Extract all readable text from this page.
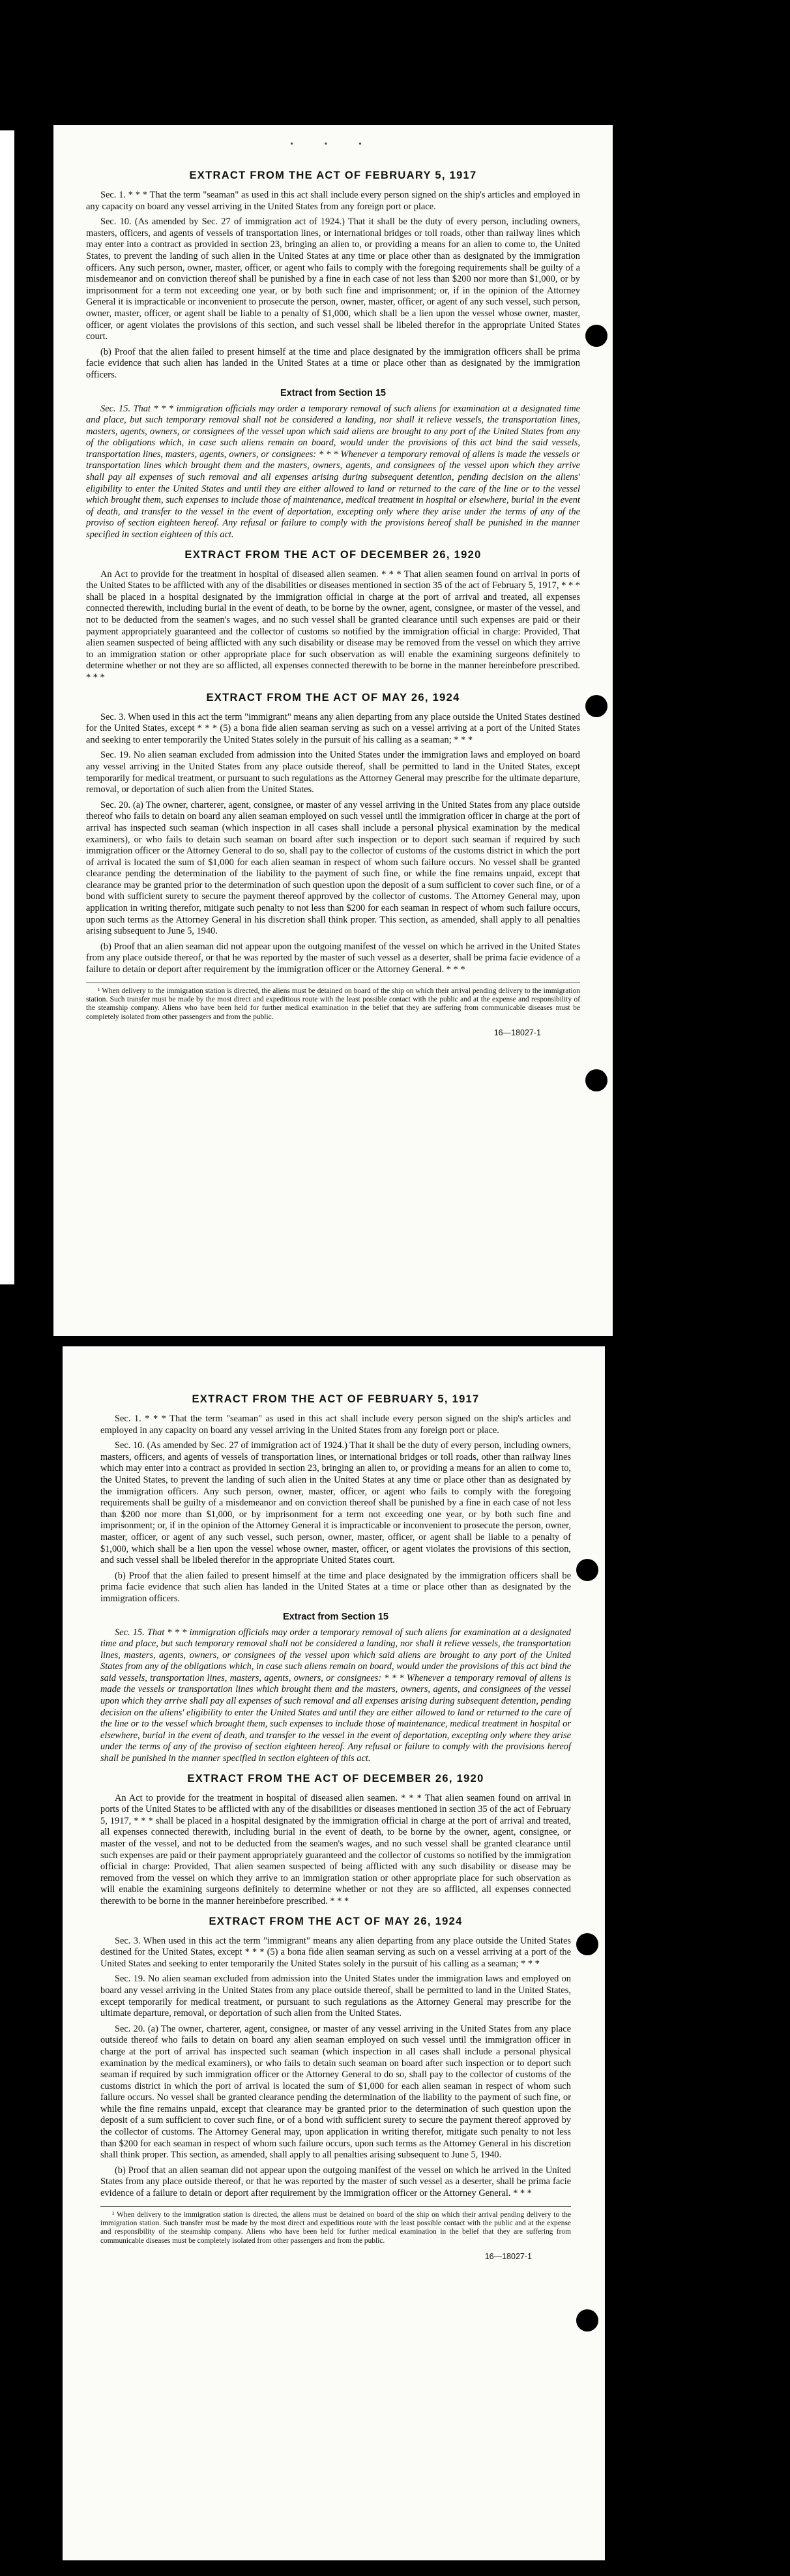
• • •
EXTRACT FROM THE ACT OF FEBRUARY 5, 1917

Sec. 1. * * * That the term "seaman" as used in this act shall include every person signed on the ship's articles and employed in any capacity on board any vessel arriving in the United States from any foreign port or place.

Sec. 10. (As amended by Sec. 27 of immigration act of 1924.) That it shall be the duty of every person, including owners, masters, officers, and agents of vessels of transportation lines, or international bridges or toll roads, other than railway lines which may enter into a contract as provided in section 23, bringing an alien to, or providing a means for an alien to come to, the United States, to prevent the landing of such alien in the United States at any time or place other than as designated by the immigration officers. Any such person, owner, master, officer, or agent who fails to comply with the foregoing requirements shall be guilty of a misdemeanor and on conviction thereof shall be punished by a fine in each case of not less than $200 nor more than $1,000, or by imprisonment for a term not exceeding one year, or by both such fine and imprisonment; or, if in the opinion of the Attorney General it is impracticable or inconvenient to prosecute the person, owner, master, officer, or agent of any such vessel, such person, owner, master, officer, or agent shall be liable to a penalty of $1,000, which shall be a lien upon the vessel whose owner, master, officer, or agent violates the provisions of this section, and such vessel shall be libeled therefor in the appropriate United States court.

(b) Proof that the alien failed to present himself at the time and place designated by the immigration officers shall be prima facie evidence that such alien has landed in the United States at a time or place other than as designated by the immigration officers.

Extract from Section 15

Sec. 15. That * * * immigration officials may order a temporary removal of such aliens for examination at a designated time and place, but such temporary removal shall not be considered a landing, nor shall it relieve vessels, the transportation lines, masters, agents, owners, or consignees of the vessel upon which said aliens are brought to any port of the United States from any of the obligations which, in case such aliens remain on board, would under the provisions of this act bind the said vessels, transportation lines, masters, agents, owners, or consignees: * * * Whenever a temporary removal of aliens is made the vessels or transportation lines which brought them and the masters, owners, agents, and consignees of the vessel upon which they arrive shall pay all expenses of such removal and all expenses arising during subsequent detention, pending decision on the aliens' eligibility to enter the United States and until they are either allowed to land or returned to the care of the line or to the vessel which brought them, such expenses to include those of maintenance, medical treatment in hospital or elsewhere, burial in the event of death, and transfer to the vessel in the event of deportation, excepting only where they arise under the terms of any of the proviso of section eighteen hereof. Any refusal or failure to comply with the provisions hereof shall be punished in the manner specified in section eighteen of this act.

EXTRACT FROM THE ACT OF DECEMBER 26, 1920

An Act to provide for the treatment in hospital of diseased alien seamen. * * * That alien seamen found on arrival in ports of the United States to be afflicted with any of the disabilities or diseases mentioned in section 35 of the act of February 5, 1917, * * * shall be placed in a hospital designated by the immigration official in charge at the port of arrival and treated, all expenses connected therewith, including burial in the event of death, to be borne by the owner, agent, consignee, or master of the vessel, and not to be deducted from the seamen's wages, and no such vessel shall be granted clearance until such expenses are paid or their payment appropriately guaranteed and the collector of customs so notified by the immigration official in charge: Provided, That alien seamen suspected of being afflicted with any such disability or disease may be removed from the vessel on which they arrive to an immigration station or other appropriate place for such observation as will enable the examining surgeons definitely to determine whether or not they are so afflicted, all expenses connected therewith to be borne in the manner hereinbefore prescribed. * * *

EXTRACT FROM THE ACT OF MAY 26, 1924

Sec. 3. When used in this act the term "immigrant" means any alien departing from any place outside the United States destined for the United States, except * * * (5) a bona fide alien seaman serving as such on a vessel arriving at a port of the United States and seeking to enter temporarily the United States solely in the pursuit of his calling as a seaman; * * *

Sec. 19. No alien seaman excluded from admission into the United States under the immigration laws and employed on board any vessel arriving in the United States from any place outside thereof, shall be permitted to land in the United States, except temporarily for medical treatment, or pursuant to such regulations as the Attorney General may prescribe for the ultimate departure, removal, or deportation of such alien from the United States.

Sec. 20. (a) The owner, charterer, agent, consignee, or master of any vessel arriving in the United States from any place outside thereof who fails to detain on board any alien seaman employed on such vessel until the immigration officer in charge at the port of arrival has inspected such seaman (which inspection in all cases shall include a personal physical examination by the medical examiners), or who fails to detain such seaman on board after such inspection or to deport such seaman if required by such immigration officer or the Attorney General to do so, shall pay to the collector of customs of the customs district in which the port of arrival is located the sum of $1,000 for each alien seaman in respect of whom such failure occurs. No vessel shall be granted clearance pending the determination of the liability to the payment of such fine, or while the fine remains unpaid, except that clearance may be granted prior to the determination of such question upon the deposit of a sum sufficient to cover such fine, or of a bond with sufficient surety to secure the payment thereof approved by the collector of customs. The Attorney General may, upon application in writing therefor, mitigate such penalty to not less than $200 for each seaman in respect of whom such failure occurs, upon such terms as the Attorney General in his discretion shall think proper. This section, as amended, shall apply to all penalties arising subsequent to June 5, 1940.

(b) Proof that an alien seaman did not appear upon the outgoing manifest of the vessel on which he arrived in the United States from any place outside thereof, or that he was reported by the master of such vessel as a deserter, shall be prima facie evidence of a failure to detain or deport after requirement by the immigration officer or the Attorney General. * * *

¹ When delivery to the immigration station is directed, the aliens must be detained on board of the ship on which their arrival pending delivery to the immigration station. Such transfer must be made by the most direct and expeditious route with the least possible contact with the public and at the expense and responsibility of the steamship company. Aliens who have been held for further medical examination in the belief that they are suffering from communicable diseases must be completely isolated from other passengers and from the public.

16—18027-1
EXTRACT FROM THE ACT OF FEBRUARY 5, 1917

Sec. 1. * * * That the term "seaman" as used in this act shall include every person signed on the ship's articles and employed in any capacity on board any vessel arriving in the United States from any foreign port or place.

Sec. 10. (As amended by Sec. 27 of immigration act of 1924.) That it shall be the duty of every person, including owners, masters, officers, and agents of vessels of transportation lines, or international bridges or toll roads, other than railway lines which may enter into a contract as provided in section 23, bringing an alien to, or providing a means for an alien to come to, the United States, to prevent the landing of such alien in the United States at any time or place other than as designated by the immigration officers. Any such person, owner, master, officer, or agent who fails to comply with the foregoing requirements shall be guilty of a misdemeanor and on conviction thereof shall be punished by a fine in each case of not less than $200 nor more than $1,000, or by imprisonment for a term not exceeding one year, or by both such fine and imprisonment; or, if in the opinion of the Attorney General it is impracticable or inconvenient to prosecute the person, owner, master, officer, or agent of any such vessel, such person, owner, master, officer, or agent shall be liable to a penalty of $1,000, which shall be a lien upon the vessel whose owner, master, officer, or agent violates the provisions of this section, and such vessel shall be libeled therefor in the appropriate United States court.

(b) Proof that the alien failed to present himself at the time and place designated by the immigration officers shall be prima facie evidence that such alien has landed in the United States at a time or place other than as designated by the immigration officers.

Extract from Section 15

Sec. 15. That * * * immigration officials may order a temporary removal of such aliens for examination at a designated time and place, but such temporary removal shall not be considered a landing, nor shall it relieve vessels, the transportation lines, masters, agents, owners, or consignees of the vessel upon which said aliens are brought to any port of the United States from any of the obligations which, in case such aliens remain on board, would under the provisions of this act bind the said vessels, transportation lines, masters, agents, owners, or consignees: * * * Whenever a temporary removal of aliens is made the vessels or transportation lines which brought them and the masters, owners, agents, and consignees of the vessel upon which they arrive shall pay all expenses of such removal and all expenses arising during subsequent detention, pending decision on the aliens' eligibility to enter the United States and until they are either allowed to land or returned to the care of the line or to the vessel which brought them, such expenses to include those of maintenance, medical treatment in hospital or elsewhere, burial in the event of death, and transfer to the vessel in the event of deportation, excepting only where they arise under the terms of any of the proviso of section eighteen hereof. Any refusal or failure to comply with the provisions hereof shall be punished in the manner specified in section eighteen of this act.

EXTRACT FROM THE ACT OF DECEMBER 26, 1920

An Act to provide for the treatment in hospital of diseased alien seamen. * * * That alien seamen found on arrival in ports of the United States to be afflicted with any of the disabilities or diseases mentioned in section 35 of the act of February 5, 1917, * * * shall be placed in a hospital designated by the immigration official in charge at the port of arrival and treated, all expenses connected therewith, including burial in the event of death, to be borne by the owner, agent, consignee, or master of the vessel, and not to be deducted from the seamen's wages, and no such vessel shall be granted clearance until such expenses are paid or their payment appropriately guaranteed and the collector of customs so notified by the immigration official in charge: Provided, That alien seamen suspected of being afflicted with any such disability or disease may be removed from the vessel on which they arrive to an immigration station or other appropriate place for such observation as will enable the examining surgeons definitely to determine whether or not they are so afflicted, all expenses connected therewith to be borne in the manner hereinbefore prescribed. * * *

EXTRACT FROM THE ACT OF MAY 26, 1924

Sec. 3. When used in this act the term "immigrant" means any alien departing from any place outside the United States destined for the United States, except * * * (5) a bona fide alien seaman serving as such on a vessel arriving at a port of the United States and seeking to enter temporarily the United States solely in the pursuit of his calling as a seaman; * * *

Sec. 19. No alien seaman excluded from admission into the United States under the immigration laws and employed on board any vessel arriving in the United States from any place outside thereof, shall be permitted to land in the United States, except temporarily for medical treatment, or pursuant to such regulations as the Attorney General may prescribe for the ultimate departure, removal, or deportation of such alien from the United States.

Sec. 20. (a) The owner, charterer, agent, consignee, or master of any vessel arriving in the United States from any place outside thereof who fails to detain on board any alien seaman employed on such vessel until the immigration officer in charge at the port of arrival has inspected such seaman (which inspection in all cases shall include a personal physical examination by the medical examiners), or who fails to detain such seaman on board after such inspection or to deport such seaman if required by such immigration officer or the Attorney General to do so, shall pay to the collector of customs of the customs district in which the port of arrival is located the sum of $1,000 for each alien seaman in respect of whom such failure occurs. No vessel shall be granted clearance pending the determination of the liability to the payment of such fine, or while the fine remains unpaid, except that clearance may be granted prior to the determination of such question upon the deposit of a sum sufficient to cover such fine, or of a bond with sufficient surety to secure the payment thereof approved by the collector of customs. The Attorney General may, upon application in writing therefor, mitigate such penalty to not less than $200 for each seaman in respect of whom such failure occurs, upon such terms as the Attorney General in his discretion shall think proper. This section, as amended, shall apply to all penalties arising subsequent to June 5, 1940.

(b) Proof that an alien seaman did not appear upon the outgoing manifest of the vessel on which he arrived in the United States from any place outside thereof, or that he was reported by the master of such vessel as a deserter, shall be prima facie evidence of a failure to detain or deport after requirement by the immigration officer or the Attorney General. * * *

¹ When delivery to the immigration station is directed, the aliens must be detained on board of the ship on which their arrival pending delivery to the immigration station. Such transfer must be made by the most direct and expeditious route with the least possible contact with the public and at the expense and responsibility of the steamship company. Aliens who have been held for further medical examination in the belief that they are suffering from communicable diseases must be completely isolated from other passengers and from the public.

16—18027-1
